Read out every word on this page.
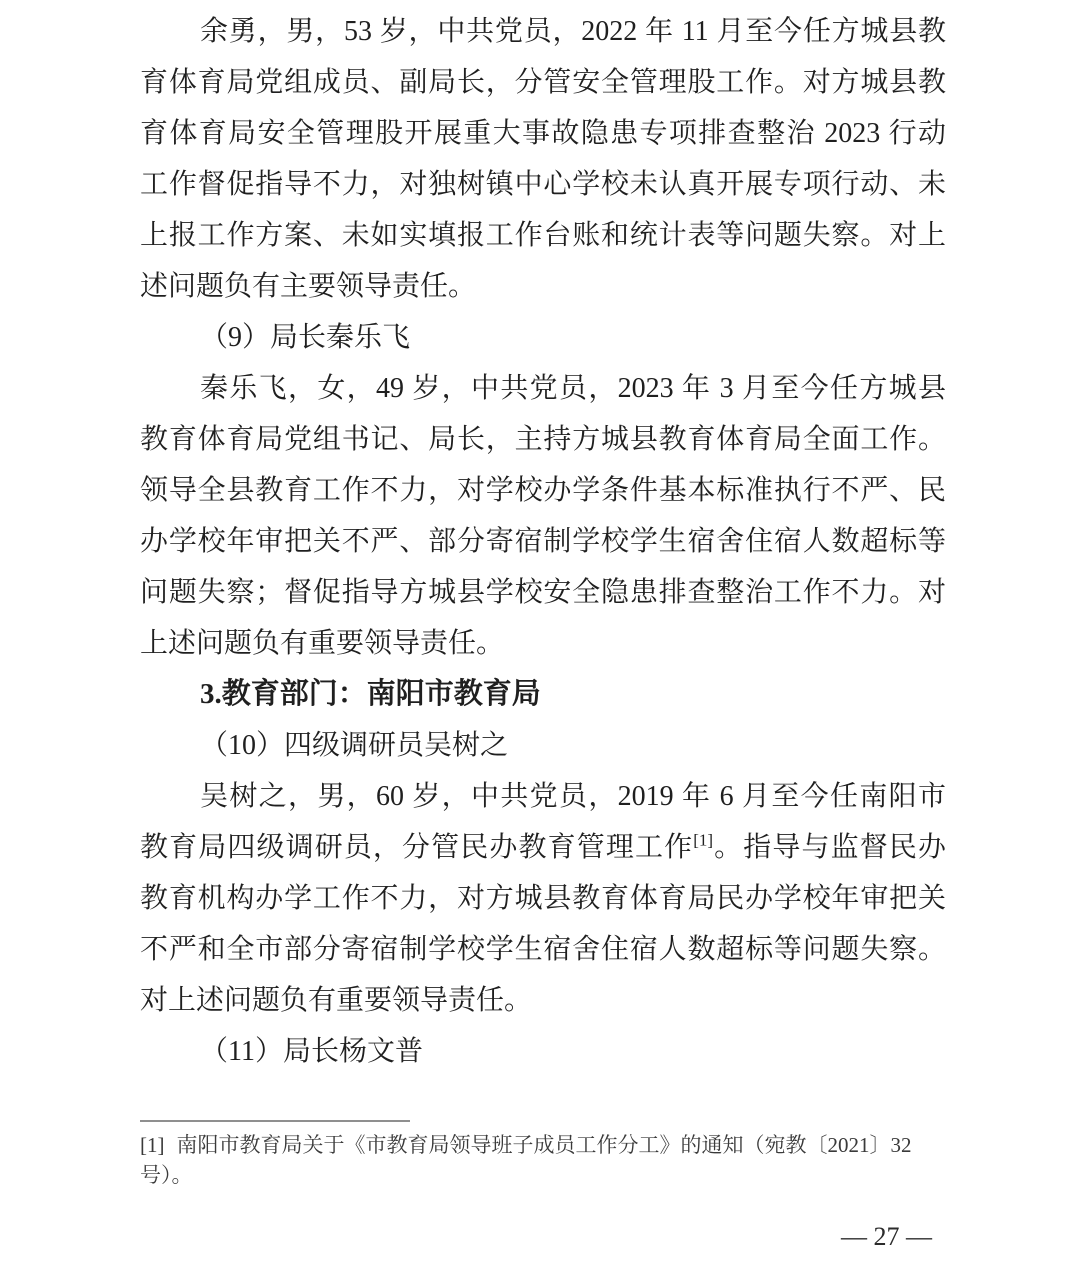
余勇，男，53 岁，中共党员，2022 年 11 月至今任方城县教
育体育局党组成员、副局长，分管安全管理股工作。对方城县教
育体育局安全管理股开展重大事故隐患专项排查整治 2023 行动
工作督促指导不力，对独树镇中心学校未认真开展专项行动、未
上报工作方案、未如实填报工作台账和统计表等问题失察。对上
述问题负有主要领导责任。
（9）局长秦乐飞
秦乐飞，女，49 岁，中共党员，2023 年 3 月至今任方城县
教育体育局党组书记、局长，主持方城县教育体育局全面工作。
领导全县教育工作不力，对学校办学条件基本标准执行不严、民
办学校年审把关不严、部分寄宿制学校学生宿舍住宿人数超标等
问题失察；督促指导方城县学校安全隐患排查整治工作不力。对
上述问题负有重要领导责任。
3.教育部门：南阳市教育局
（10）四级调研员吴树之
吴树之，男，60 岁，中共党员，2019 年 6 月至今任南阳市
教育局四级调研员，分管民办教育管理工作[1]。指导与监督民办
教育机构办学工作不力，对方城县教育体育局民办学校年审把关
不严和全市部分寄宿制学校学生宿舍住宿人数超标等问题失察。
对上述问题负有重要领导责任。
（11）局长杨文普
[1] 南阳市教育局关于《市教育局领导班子成员工作分工》的通知（宛教〔2021〕32 号）。
— 27 —
